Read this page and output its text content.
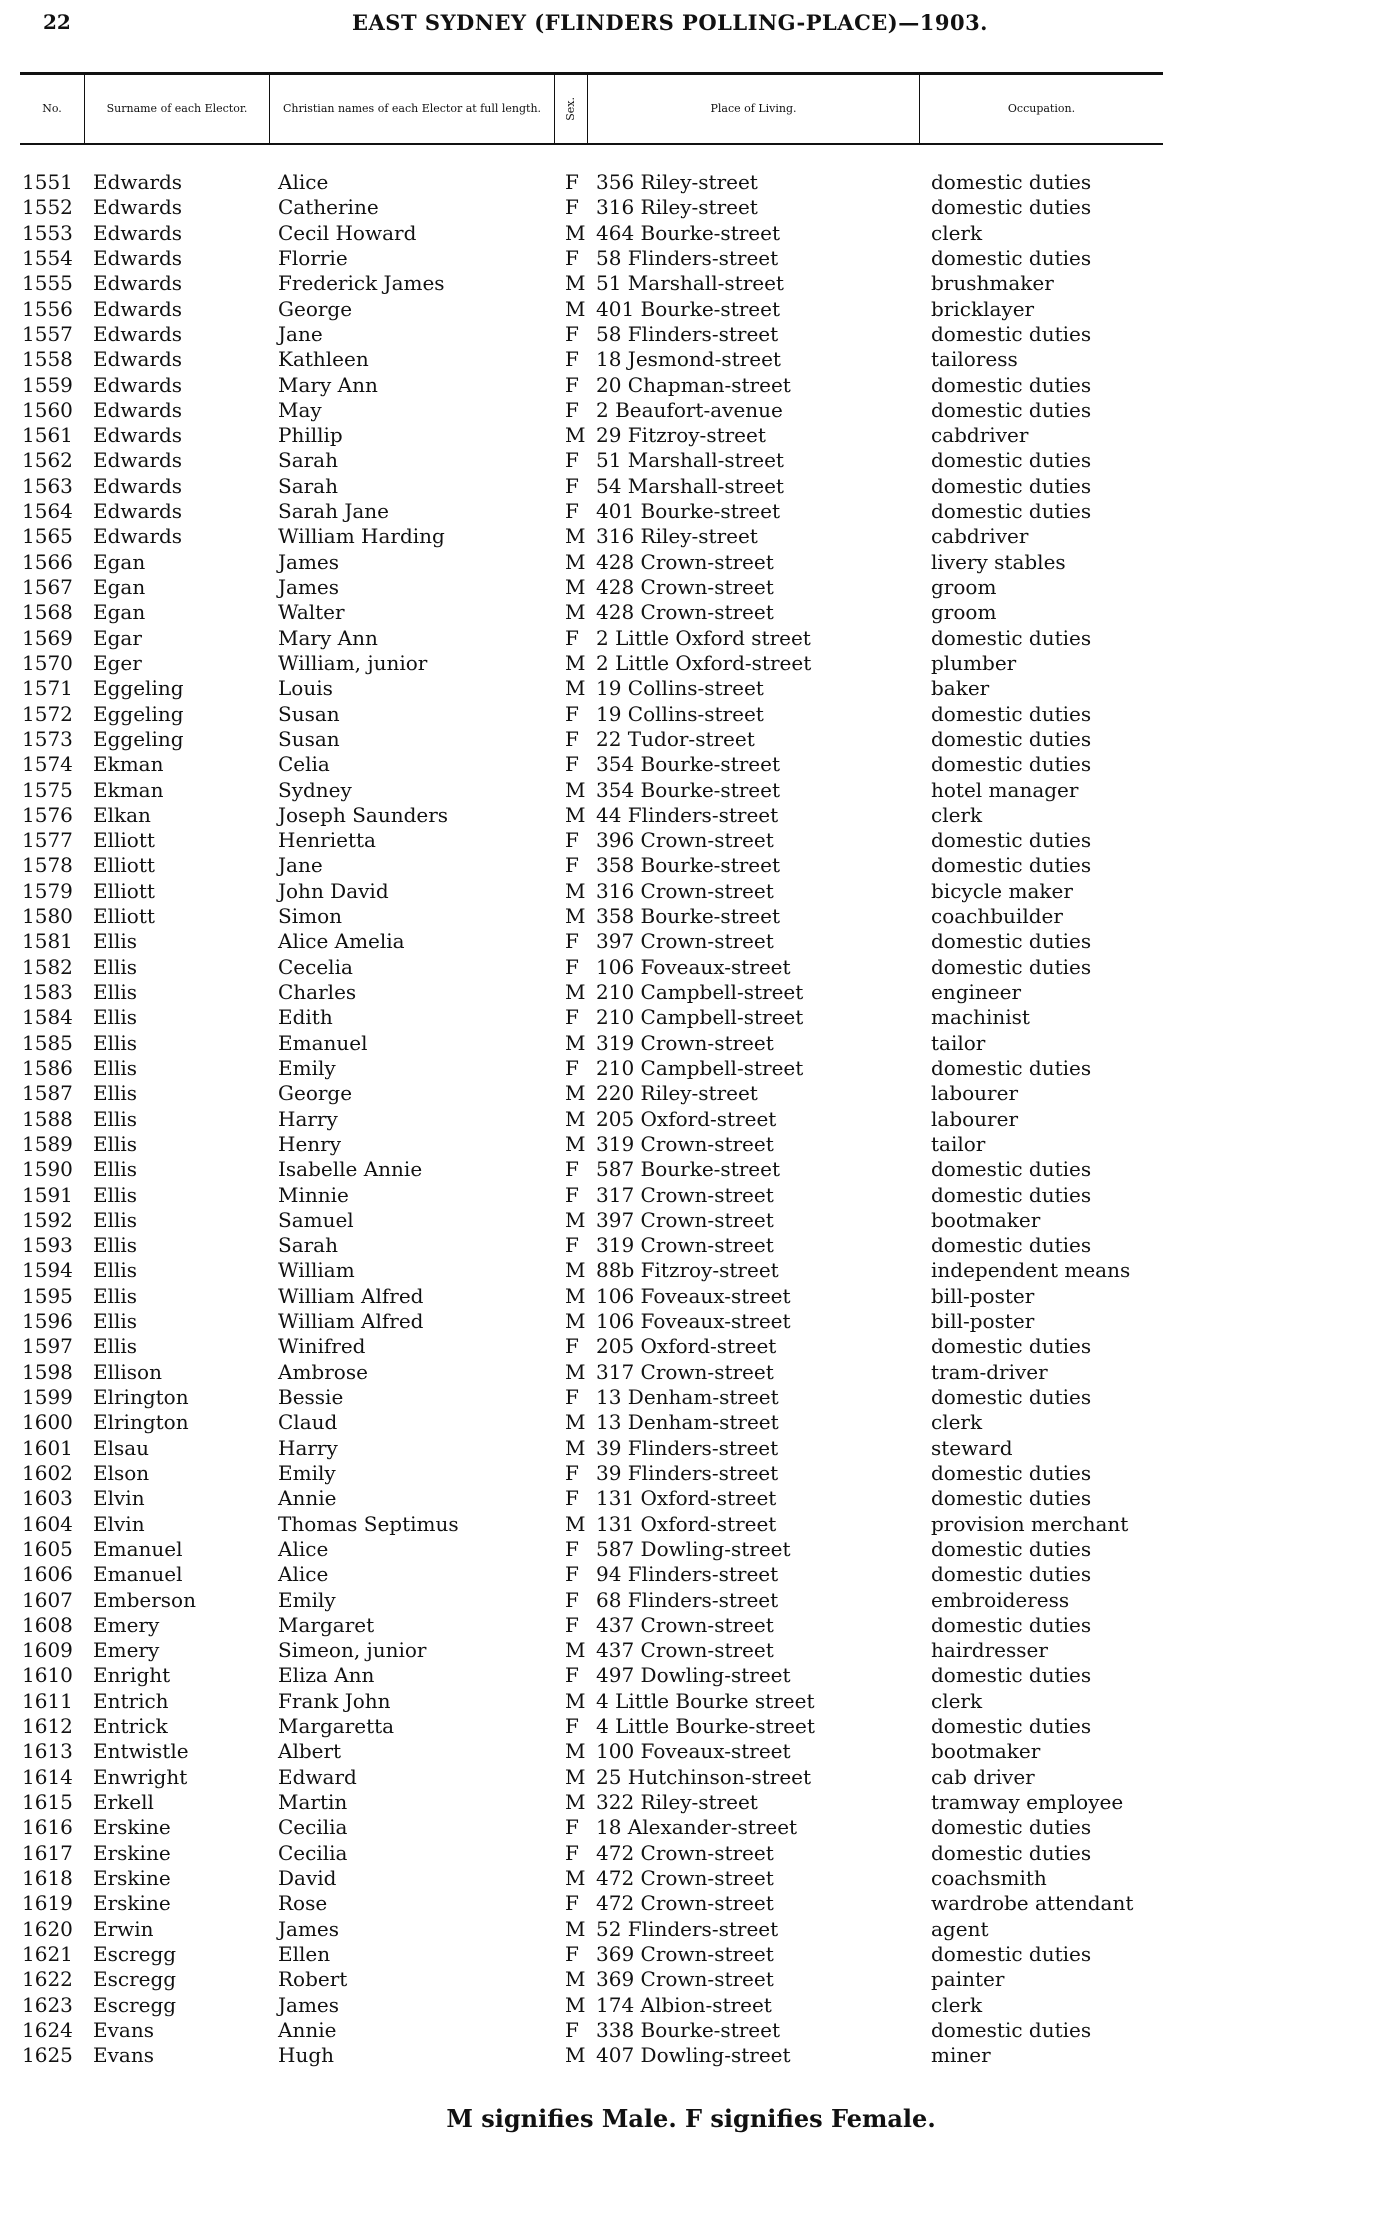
22	EAST SYDNEY (FLINDERS POLLING-PLACE)—1903.
No.	Surname of each Elector.	Christian names of each Elector at full length.	Sex.	Place of Living.	Occupation.
1551 Edwards	Alice	F 356 Riley-street	domestic duties
1552 Edwards	Catherine	F 316 Riley-street	domestic duties
1553 Edwards	Cecil Howard	M 464 Bourke-street	clerk
1554 Edwards	Florrie	F 58 Flinders-street	domestic duties
1555 Edwards	Frederick James	M 51 Marshall-street	brushmaker
1556 Edwards	George	M 401 Bourke-street	bricklayer
1557 Edwards	Jane	F 58 Flinders-street	domestic duties
1558 Edwards	Kathleen	F 18 Jesmond-street	tailoress
1559 Edwards	Mary Ann	F 20 Chapman-street	domestic duties
1560 Edwards	May	F 2 Beaufort-avenue	domestic duties
1561 Edwards	Phillip	M 29 Fitzroy-street	cabdriver
1562 Edwards	Sarah	F 51 Marshall-street	domestic duties
1563 Edwards	Sarah	F 54 Marshall-street	domestic duties
1564 Edwards	Sarah Jane	F 401 Bourke-street	domestic duties
1565 Edwards	William Harding	M 316 Riley-street	cabdriver
1566 Egan	James	M 428 Crown-street	livery stables
1567 Egan	James	M 428 Crown-street	groom
1568 Egan	Walter	M 428 Crown-street	groom
1569 Egar	Mary Ann	F 2 Little Oxford street	domestic duties
1570 Eger	William, junior	M 2 Little Oxford-street	plumber
1571 Eggeling	Louis	M 19 Collins-street	baker
1572 Eggeling	Susan	F 19 Collins-street	domestic duties
1573 Eggeling	Susan	F 22 Tudor-street	domestic duties
1574 Ekman	Celia	F 354 Bourke-street	domestic duties
1575 Ekman	Sydney	M 354 Bourke-street	hotel manager
1576 Elkan	Joseph Saunders	M 44 Flinders-street	clerk
1577 Elliott	Henrietta	F 396 Crown-street	domestic duties
1578 Elliott	Jane	F 358 Bourke-street	domestic duties
1579 Elliott	John David	M 316 Crown-street	bicycle maker
1580 Elliott	Simon	M 358 Bourke-street	coachbuilder
1581 Ellis	Alice Amelia	F 397 Crown-street	domestic duties
1582 Ellis	Cecelia	F 106 Foveaux-street	domestic duties
1583 Ellis	Charles	M 210 Campbell-street	engineer
1584 Ellis	Edith	F 210 Campbell-street	machinist
1585 Ellis	Emanuel	M 319 Crown-street	tailor
1586 Ellis	Emily	F 210 Campbell-street	domestic duties
1587 Ellis	George	M 220 Riley-street	labourer
1588 Ellis	Harry	M 205 Oxford-street	labourer
1589 Ellis	Henry	M 319 Crown-street	tailor
1590 Ellis	Isabelle Annie	F 587 Bourke-street	domestic duties
1591 Ellis	Minnie	F 317 Crown-street	domestic duties
1592 Ellis	Samuel	M 397 Crown-street	bootmaker
1593 Ellis	Sarah	F 319 Crown-street	domestic duties
1594 Ellis	William	M 88b Fitzroy-street	independent means
1595 Ellis	William Alfred	M 106 Foveaux-street	bill-poster
1596 Ellis	William Alfred	M 106 Foveaux-street	bill-poster
1597 Ellis	Winifred	F 205 Oxford-street	domestic duties
1598 Ellison	Ambrose	M 317 Crown-street	tram-driver
1599 Elrington	Bessie	F 13 Denham-street	domestic duties
1600 Elrington	Claud	M 13 Denham-street	clerk
1601 Elsau	Harry	M 39 Flinders-street	steward
1602 Elson	Emily	F 39 Flinders-street	domestic duties
1603 Elvin	Annie	F 131 Oxford-street	domestic duties
1604 Elvin	Thomas Septimus	M 131 Oxford-street	provision merchant
1605 Emanuel	Alice	F 587 Dowling-street	domestic duties
1606 Emanuel	Alice	F 94 Flinders-street	domestic duties
1607 Emberson	Emily	F 68 Flinders-street	embroideress
1608 Emery	Margaret	F 437 Crown-street	domestic duties
1609 Emery	Simeon, junior	M 437 Crown-street	hairdresser
1610 Enright	Eliza Ann	F 497 Dowling-street	domestic duties
1611 Entrich	Frank John	M 4 Little Bourke street	clerk
1612 Entrick	Margaretta	F 4 Little Bourke-street	domestic duties
1613 Entwistle	Albert	M 100 Foveaux-street	bootmaker
1614 Enwright	Edward	M 25 Hutchinson-street	cab driver
1615 Erkell	Martin	M 322 Riley-street	tramway employee
1616 Erskine	Cecilia	F 18 Alexander-street	domestic duties
1617 Erskine	Cecilia	F 472 Crown-street	domestic duties
1618 Erskine	David	M 472 Crown-street	coachsmith
1619 Erskine	Rose	F 472 Crown-street	wardrobe attendant
1620 Erwin	James	M 52 Flinders-street	agent
1621 Escregg	Ellen	F 369 Crown-street	domestic duties
1622 Escregg	Robert	M 369 Crown-street	painter
1623 Escregg	James	M 174 Albion-street	clerk
1624 Evans	Annie	F 338 Bourke-street	domestic duties
1625 Evans	Hugh	M 407 Dowling-street	miner
M signifies Male. F signifies Female.
